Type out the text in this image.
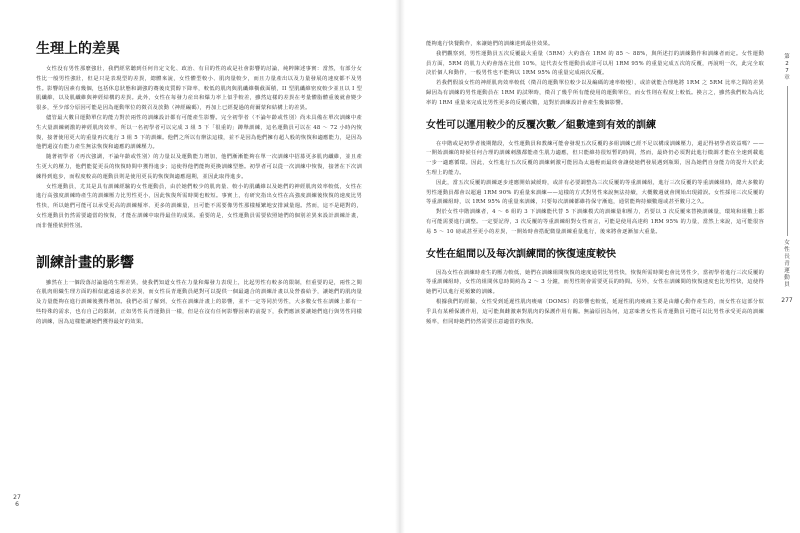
生理上的差異

女性没有男性那麼強壯，我們經常聽到任何肯定文化、政治、有目的性的或是社會影響的討論，純粹陳述事實：當然，有部分女性比一般男性強壯，但是只是表現型的差異，總體來說，女性體型較小、肌肉量較少，而且力量產出以及力量發展的速度都不及男性。影響的因素有幾個，包括休息狀態和調強的賽後皮質醇下降率，較低的肌肉與肌纖維橫截面積，II 型肌纖維密度較少並且以 I 型肌纖維，以及肌纖維與神經結構的差異。此外，女性在每發力産出和爆力率上似乎較差，雖然這樣的差異在考量體脂體重後就會變少很多，至少部分原因可能是因為運動單位的徵召及放動（神經編碼），再加上已經提過的荷爾蒙和結構上的差異。

儘管最大數目運動單位的能力對於兩性的訓練設計都有可能產生影響。完全初學者（不論年齡或性別）尚未具備在單次訓練中產生大量訓練刺激的神經肌肉效率，所以一名初學者可以完成 3 組 5 下「很重的」蹲舉訓練，這名運動員可以在 48 ～ 72 小時內恢復，接著使用更大的重量再次進行 3 組 5 下的訓練。他們之所以有辦法這樣，並不是因為他們擁有超人般的恢復和適應能力，是因為他們還沒有能力產生無法恢復和適應的訓練壓力。

隨著初學者（再次強調，不論年齡或性別）的力量以及運動能力增加，他們漸漸能夠在單一次訓練中招募更多肌肉纖維，並且產生更大的壓力，他們能從更長的恢復時間中獲得進步；這使得他們能夠更換訓練型態。初學者可以從一次訓練中恢復，接著在下次訓練得到進步，而程度較高的運動員則是使用更長的恢復與適應週期，並因此取得進步。

女性運動員，尤其是具有訓練經驗的女性運動員，由於她們較少的肌肉量、較小的肌纖維以及她們的神經肌肉效率較低，女性在進行高強度訓練時產生的訓練壓力比男性更小，因此恢復所需時間也較短。事實上，有研究指出女性在高強度訓練後恢復的速度比男性快，所以她們可能可以承受更高的訓練頻率、更多的訓練量，且可能不需要像男性那樣頻繁地安排減量週。然而，這不是絕對的，女性運動員仍然需要適當的恢復，才能在訓練中取得最佳的成果。重要的是，女性運動員需要依照她們的個別差異來設計訓練計畫，而非僅僅依照性別。

訓練計畫的影響

雖然在上一個段落討論過的生理差異，使我們知道女性在力量和爆發力表現上，比起男性有較多的限制，但重要的是，兩性之間在肌肉組織生理方面的相似處遠遠多於差異，而女性長青運動員絕對可以提供一個最適合的訓練計畫以及營養給予，讓她們的肌肉量及力量能夠在進行訓練後獲得增加。我們必須了解到，女性在訓練計畫上的影響，並不一定等同於男性，大多數女性在訓練上都有一些特殊的需求，也有自己的限制，正如男性長青運動員一樣，但是在沒有任何影響因素的前提下，我們應該要讓她們進行與男性同樣的訓練，因為這樣能讓她們獲得最好的效果。

276

能夠進行快餐動作，來讓她們的訓練達到最佳效果。

我們觀察到，男性運動員五次反覆最大重量（5RM）大約落在 1RM 的 85 ～ 88%，與所述打的訓練動作和訓練者而定。女性運動員方面，5RM 的肌力大約會落在比值 10%，這代表女性運動員或許可以用 1RM 95% 的重量完成五次的反覆，再說明一次，此完全取決於個人和動作，一般男性也不能夠以 1RM 95% 的重量完成兩次反覆。

若我們假設女性的神經肌肉效率較低（徵召的運動單位較少以及編碼的速率較慢），或許就能合理地將 1RM 之 5RM 比率之間的差異歸因為有訓練的男性運動員在 1RM 的試舉時，徵召了幾乎所有能使用的運動單位，而女性則在程度上較低。換言之，雖然我們較為高比率的 1RM 重量來完成比男性更多的反覆次數，這對於訓練設計會產生幾個影響。

女性可以運用較少的反覆次數／組數達到有效的訓練

在中階或是初學者後期階段，女性運動員和教練可能會發現五次反覆的多組訓練已經不足以構成訓練壓力，還記得初學者效益嗎？——一開始訓練的時候任何合理的訓練刺激都能產生肌力適應，但只能維持很短暫的時間，然而，最終仍必須對此進行微調才能在全速到載進一步一適應循環。因此，女性進行五次反覆的訓練刺激可能因為太過輕而最終會讓使她們發展遇到瓶頸，因為她們自身能力的提升大於此生理上的能力。

因此，當五次反覆的訓練逐步達應開始減緩時，或許有必要調整為三次反覆的等重訓練組，進行三次反覆的等重訓練組時，總大多數的男性運動員都會以超過 1RM 90% 的重量來訓練——這樣的方式對男性來說無法持續，大概數週就會開始出現錯誤。女性採用三次反覆的等重訓練組時，以 1RM 95% 的重量來訓練，只要每次訓練都維持保守漸進，通常能夠持續數週或甚至數月之久。

對於女性中階訓練者，4 ～ 6 組的 3 下訓練能代替 5 下訓練模式的訓練量和壓力，若要以 3 次反覆來替換訓練量，環境和組數上都有可能需要進行調整。一定要記得，3 次反覆的等重訓練組對女性而言，可能是使用高達約 1RM 95% 的力量，當然上來說，這可能很容易 5 ～ 10 磅或甚至更小的差異，一開始時會搭配微量訓練重量進行，後來將會逐漸加大重量。

女性在組間以及每次訓練間的恢復速度較快

因為女性在訓練時產生的壓力較低，她們在訓練組間恢復的速度通常比男性快，恢復所需時間也會比男性少，當初學者進行三次反覆的等重訓練組時，女性的組間休息時間約為 2 ～ 3 分鐘，而男性則會需要更長的時間。另外，女性在訓練間的恢復速度也比男性快，這使得她們可以進行更頻繁的訓練。

根據我們的經驗，女性受到延遲性肌肉痠痛（DOMS）的影響也較低，延遲性肌肉痠痛主要是由離心動作產生的，而女性在這部分似乎具有某種保護作用，這可能與雌激素對肌肉的保護作用有關。無論原因為何，這意味著女性長青運動員可能可以比男性承受更高的訓練頻率，但同時她們仍然需要注意適當的恢復。

第
2
7
章
女
性
長
青
運
動
員
277
